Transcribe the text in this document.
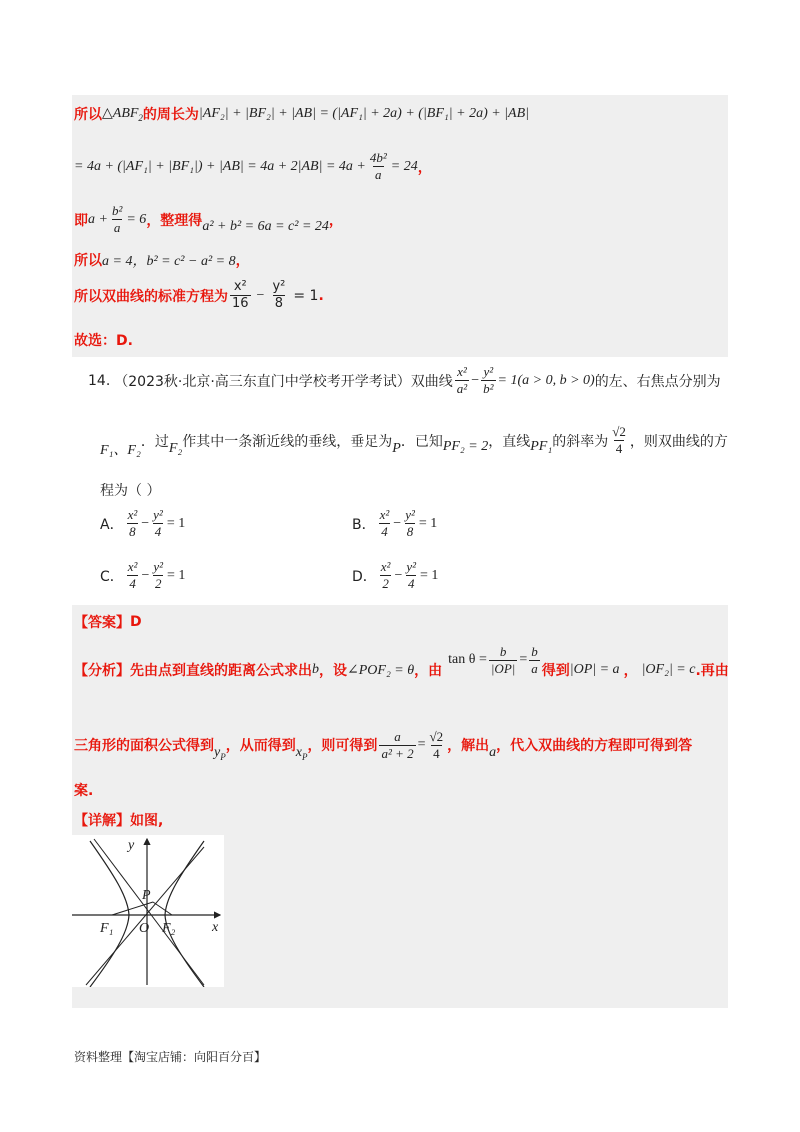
所以 $\triangle ABF_2$ 的周长为 |AF₂| + |BF₂| + |AB| = (|AF₁| + 2a) + (|BF₁| + 2a) + |AB|
= $4a + (|AF_1| + |BF_1|) + |AB| = 4a + 2|AB| = 4a + \frac{\text{4b²}}{a} = 24$ ，
即 $a + \frac{\text{b²}}{a} = 6$ ，整理得 a² + b² = 6a = c² = 24 ，
所以 a = 4，b² = c² − a² = 8 ，
所以双曲线的标准方程为 $\frac{\text{x²}}{16} - \frac{\text{y²}}{8} = 1$ .
故选：D.
14. （2023秋·北京·高三东直门中学校考开学考试）双曲线 $\frac{\text{x²}}{\text{a²}} - \frac{\text{y²}}{\text{b²}} = 1(a > 0$, b > 0) 的左、右焦点分别为
F₁、F₂
．过 F₂ 作其中一条渐近线的垂线，垂足为 P ．已知 PF₂ = 2 ，直线 PF₁ 的斜率为 $\frac{√2}{4}$ ，则双曲线的方
程为（ ）
A． $\frac{\text{x²}}{8} - \frac{\text{y²}}{4} = 1$	B． $\frac{\text{x²}}{4} - \frac{\text{y²}}{8} = 1$
C． $\frac{\text{x²}}{4} - \frac{\text{y²}}{2} = 1$	D． $\frac{\text{x²}}{2} - \frac{\text{y²}}{4} = 1$
【答案】 D
【分析】 先由点到直线的距离公式求出 b ，设 ∠POF₂ = θ ，由
$\tan \theta = \frac{b}{|OP|} = \frac{b}{a}$ 得到 |OP| = a ， |OF₂| = c .再由
三角形的面积公式得到 $y_P$
，从而得到 $x_P$
，则可得到 $\frac{a}{\text{a² + 2}} = \frac{√2}{4}$ ，解出 a ，代入双曲线的方程即可得到答
案.
【详解】 如图,
y
x
P
O
F₁	F₂
资料整理【淘宝店铺：向阳百分百】
